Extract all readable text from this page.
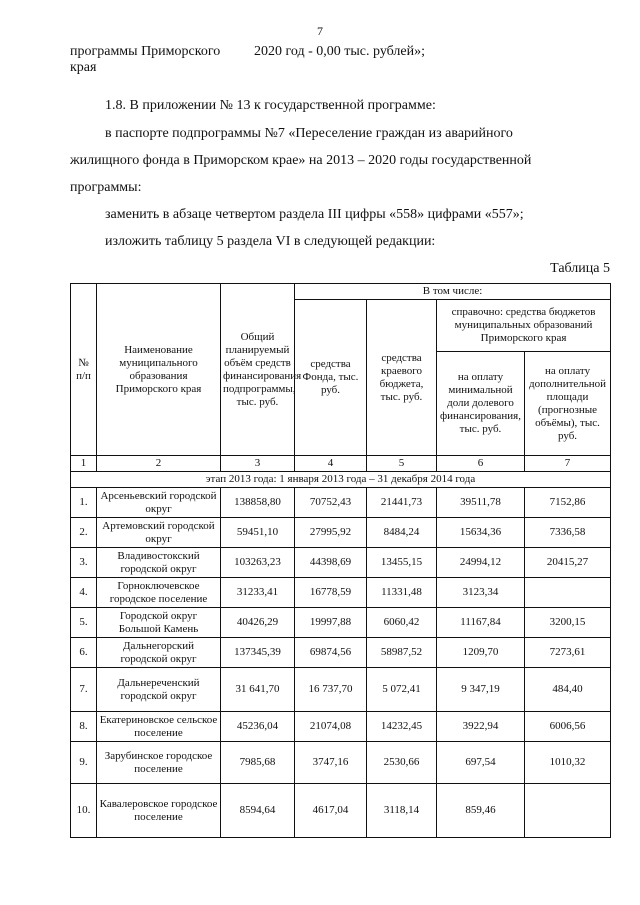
7
программы Приморского
края
2020 год - 0,00 тыс. рублей»;
1.8. В приложении № 13 к государственной программе:
в паспорте подпрограммы №7 «Переселение граждан из аварийного
жилищного фонда в Приморском крае» на 2013 – 2020 годы государственной
программы:
заменить в абзаце четвертом раздела III цифры «558» цифрами «557»;
изложить таблицу 5 раздела VI в следующей редакции:
Таблица 5
№ п/п	Наименование муниципального образования Приморского края	Общий планируемый объём средств финансирования подпрограммы, тыс. руб.	В том числе:			
			средства Фонда, тыс. руб.	средства краевого бюджета, тыс. руб.	справочно: средства бюджетов муниципальных образований Приморского края	
					на оплату минимальной доли долевого финансирования, тыс. руб.	на оплату дополнительной площади (прогнозные объёмы), тыс. руб.
1	2	3	4	5	6	7
этап 2013 года: 1 января 2013 года – 31 декабря 2014 года						
1.	Арсеньевский городской округ	138858,80	70752,43	21441,73	39511,78	7152,86
2.	Артемовский городской округ	59451,10	27995,92	8484,24	15634,36	7336,58
3.	Владивостокский городской округ	103263,23	44398,69	13455,15	24994,12	20415,27
4.	Горноключевское городское поселение	31233,41	16778,59	11331,48	3123,34	
5.	Городской округ Большой Камень	40426,29	19997,88	6060,42	11167,84	3200,15
6.	Дальнегорский городской округ	137345,39	69874,56	58987,52	1209,70	7273,61
7.	Дальнереченский городской округ	31 641,70	16 737,70	5 072,41	9 347,19	484,40
8.	Екатериновское сельское поселение	45236,04	21074,08	14232,45	3922,94	6006,56
9.	Зарубинское городское поселение	7985,68	3747,16	2530,66	697,54	1010,32
10.	Кавалеровское городское поселение	8594,64	4617,04	3118,14	859,46	
